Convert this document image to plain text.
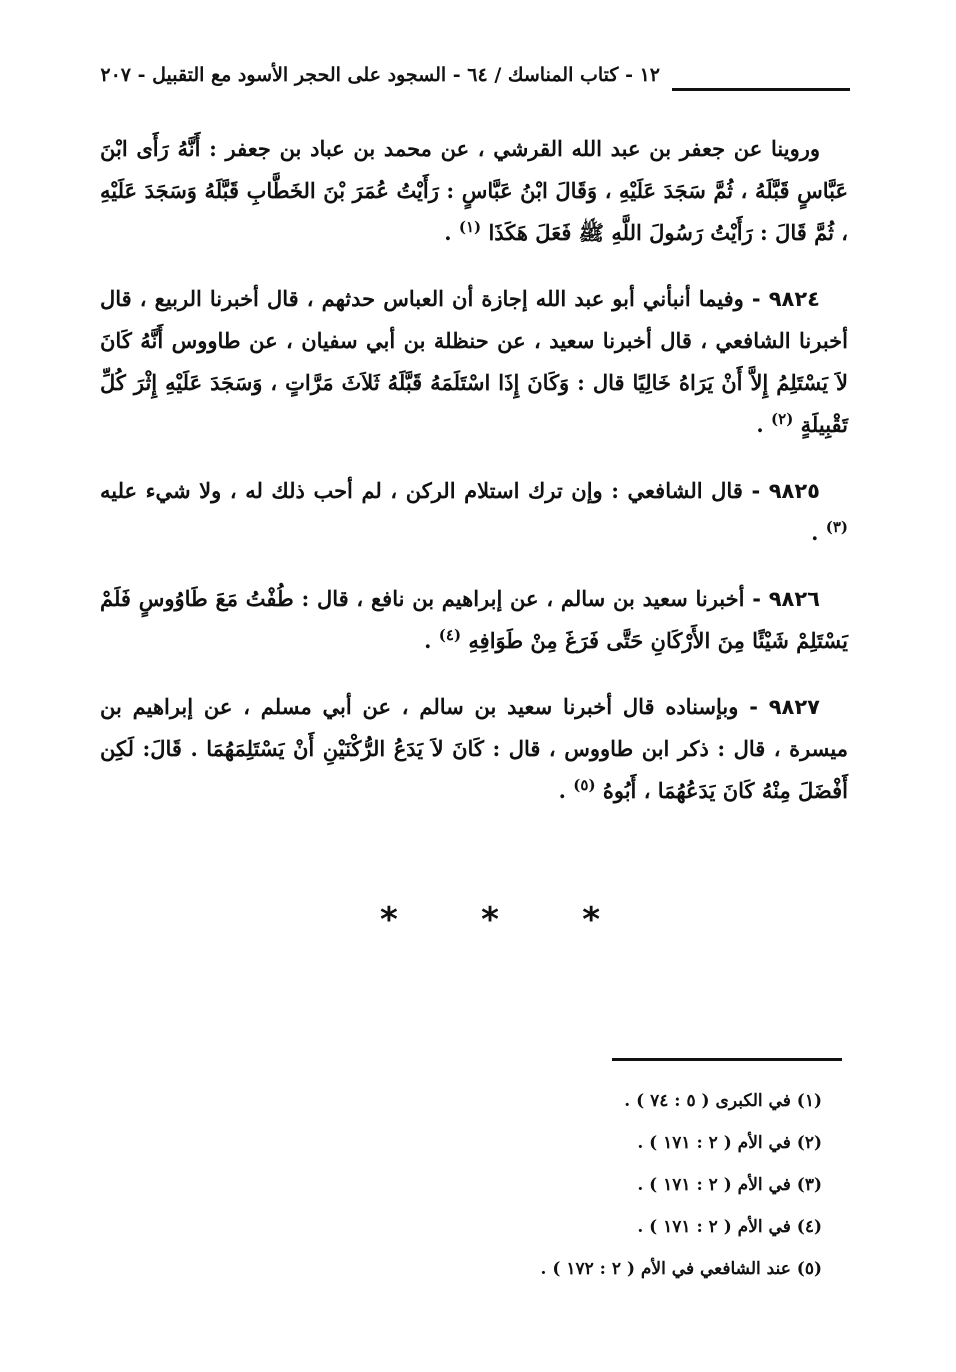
١٢ - كتاب المناسك / ٦٤ - السجود على الحجر الأسود مع التقبيل - ٢٠٧

وروينا عن جعفر بن عبد الله القرشي ، عن محمد بن عباد بن جعفر : أَنَّهُ رَأَى ابْنَ عَبَّاسٍ قَبَّلَهُ ، ثُمَّ سَجَدَ عَلَيْهِ ، وَقَالَ ابْنُ عَبَّاسٍ : رَأَيْتُ عُمَرَ بْنَ الخَطَّابِ قَبَّلَهُ وَسَجَدَ عَلَيْهِ ، ثُمَّ قَالَ : رَأَيْتُ رَسُولَ اللَّهِ ﷺ فَعَلَ هَكَذَا $^{(١)}$ .

٩٨٢٤ - وفيما أنبأني أبو عبد الله إجازة أن العباس حدثهم ، قال أخبرنا الربيع ، قال أخبرنا الشافعي ، قال أخبرنا سعيد ، عن حنظلة بن أبي سفيان ، عن طاووس أَنَّهُ كَانَ لاَ يَسْتَلِمُ إِلاَّ أَنْ يَرَاهُ خَالِيًا قال : وَكَانَ إِذَا اسْتَلَمَهُ قَبَّلَهُ ثَلاَثَ مَرَّاتٍ ، وَسَجَدَ عَلَيْهِ إِثْرَ كُلِّ تَقْبِيلَةٍ $^{(٢)}$ .

٩٨٢٥ - قال الشافعي : وإن ترك استلام الركن ، لم أحب ذلك له ، ولا شيء عليه $^{(٣)}$ .

٩٨٢٦ - أخبرنا سعيد بن سالم ، عن إبراهيم بن نافع ، قال : طُفْتُ مَعَ طَاوُوسٍ فَلَمْ يَسْتَلِمْ شَيْئًا مِنَ الأَرْكَانِ حَتَّى فَرَغَ مِنْ طَوَافِهِ $^{(٤)}$ .

٩٨٢٧ - وبإسناده قال أخبرنا سعيد بن سالم ، عن أبي مسلم ، عن إبراهيم بن ميسرة ، قال : ذكر ابن طاووس ، قال : كَانَ لاَ يَدَعُ الرُّكْنَيْنِ أَنْ يَسْتَلِمَهُمَا . قَالَ: لَكِن أَفْضَلَ مِنْهُ كَانَ يَدَعُهُمَا ، أَبُوهُ $^{(٥)}$ .

* * *
(١) في الكبرى ( ٥ : ٧٤ ) .
(٢) في الأم ( ٢ : ١٧١ ) .
(٣) في الأم ( ٢ : ١٧١ ) .
(٤) في الأم ( ٢ : ١٧١ ) .
(٥) عند الشافعي في الأم ( ٢ : ١٧٢ ) .
